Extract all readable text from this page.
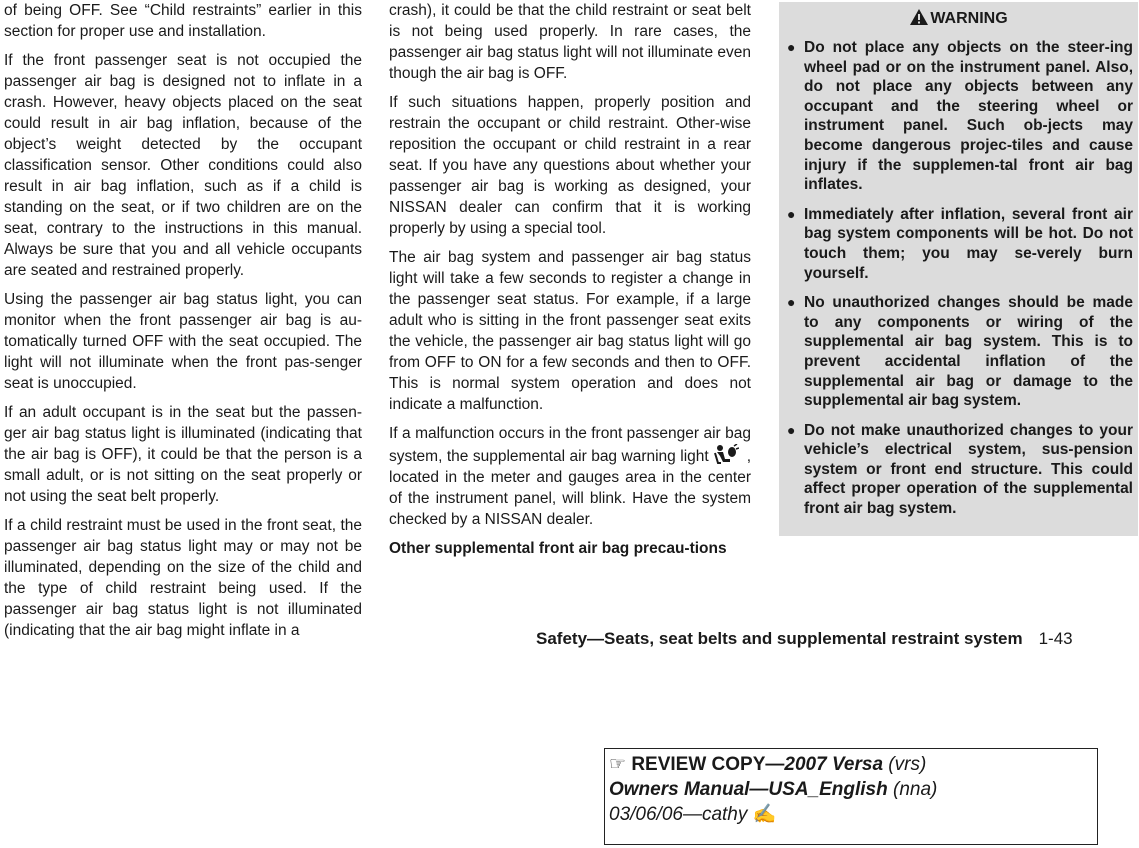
of being OFF. See “Child restraints” earlier in this section for proper use and installation.

If the front passenger seat is not occupied the passenger air bag is designed not to inflate in a crash. However, heavy objects placed on the seat could result in air bag inflation, because of the object’s weight detected by the occupant classification sensor. Other conditions could also result in air bag inflation, such as if a child is standing on the seat, or if two children are on the seat, contrary to the instructions in this manual. Always be sure that you and all vehicle occupants are seated and restrained properly.

Using the passenger air bag status light, you can monitor when the front passenger air bag is au-tomatically turned OFF with the seat occupied. The light will not illuminate when the front pas-senger seat is unoccupied.

If an adult occupant is in the seat but the passen-ger air bag status light is illuminated (indicating that the air bag is OFF), it could be that the person is a small adult, or is not sitting on the seat properly or not using the seat belt properly.

If a child restraint must be used in the front seat, the passenger air bag status light may or may not be illuminated, depending on the size of the child and the type of child restraint being used. If the passenger air bag status light is not illuminated (indicating that the air bag might inflate in a

crash), it could be that the child restraint or seat belt is not being used properly. In rare cases, the passenger air bag status light will not illuminate even though the air bag is OFF.

If such situations happen, properly position and restrain the occupant or child restraint. Other-wise reposition the occupant or child restraint in a rear seat. If you have any questions about whether your passenger air bag is working as designed, your NISSAN dealer can confirm that it is working properly by using a special tool.

The air bag system and passenger air bag status light will take a few seconds to register a change in the passenger seat status. For example, if a large adult who is sitting in the front passenger seat exits the vehicle, the passenger air bag status light will go from OFF to ON for a few seconds and then to OFF. This is normal system operation and does not indicate a malfunction.

If a malfunction occurs in the front passenger air bag system, the supplemental air bag warning light , located in the meter and gauges area in the center of the instrument panel, will blink. Have the system checked by a NISSAN dealer.

Other supplemental front air bag precau-tions

WARNING
● Do not place any objects on the steer-ing wheel pad or on the instrument panel. Also, do not place any objects between any occupant and the steering wheel or instrument panel. Such ob-jects may become dangerous projec-tiles and cause injury if the supplemen-tal front air bag inflates.
● Immediately after inflation, several front air bag system components will be hot. Do not touch them; you may se-verely burn yourself.
● No unauthorized changes should be made to any components or wiring of the supplemental air bag system. This is to prevent accidental inflation of the supplemental air bag or damage to the supplemental air bag system.
● Do not make unauthorized changes to your vehicle’s electrical system, sus-pension system or front end structure. This could affect proper operation of the supplemental front air bag system.
Safety—Seats, seat belts and supplemental restraint system 1-43
☞ REVIEW COPY—2007 Versa (vrs)
Owners Manual—USA_English (nna)
03/06/06—cathy ✍
